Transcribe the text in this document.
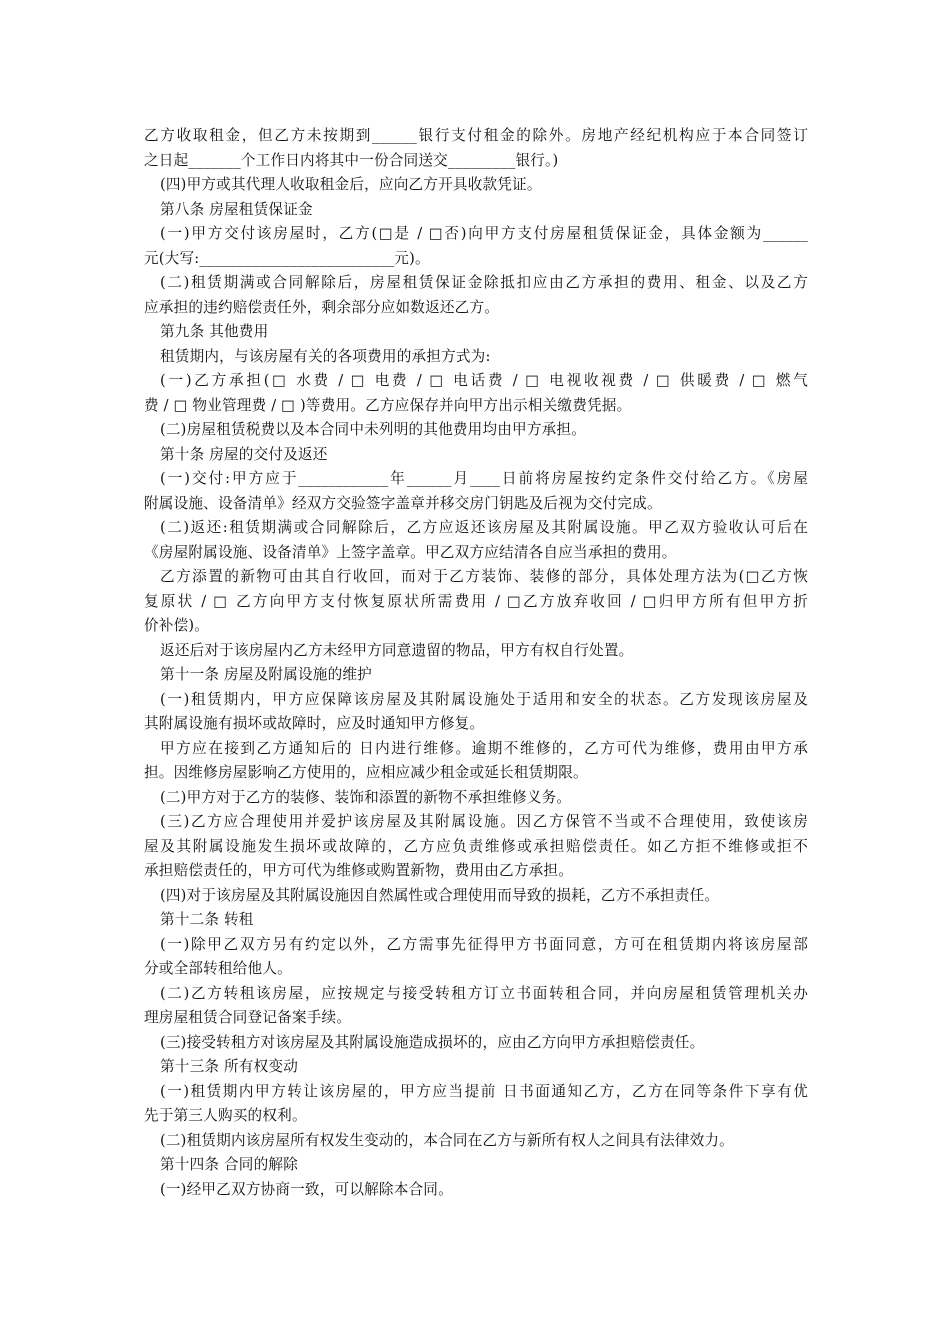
乙方收取租金，但乙方未按期到______银行支付租金的除外。房地产经纪机构应于本合同签订
之日起_______个工作日内将其中一份合同送交_________银行。)
(四)甲方或其代理人收取租金后，应向乙方开具收款凭证。
第八条 房屋租赁保证金
(一)甲方交付该房屋时，乙方(□是 / □否)向甲方支付房屋租赁保证金，具体金额为______
元(大写:__________________________元)。
(二)租赁期满或合同解除后，房屋租赁保证金除抵扣应由乙方承担的费用、租金、以及乙方
应承担的违约赔偿责任外，剩余部分应如数返还乙方。
第九条 其他费用
租赁期内，与该房屋有关的各项费用的承担方式为:
(一)乙方承担(□ 水费 / □ 电费 / □ 电话费 / □ 电视收视费 / □ 供暖费 / □ 燃气
费 / □ 物业管理费 / □ )等费用。乙方应保存并向甲方出示相关缴费凭据。
(二)房屋租赁税费以及本合同中未列明的其他费用均由甲方承担。
第十条 房屋的交付及返还
(一)交付:甲方应于____________年______月____日前将房屋按约定条件交付给乙方。《房屋
附属设施、设备清单》经双方交验签字盖章并移交房门钥匙及后视为交付完成。
(二)返还:租赁期满或合同解除后，乙方应返还该房屋及其附属设施。甲乙双方验收认可后在
《房屋附属设施、设备清单》上签字盖章。甲乙双方应结清各自应当承担的费用。
乙方添置的新物可由其自行收回，而对于乙方装饰、装修的部分，具体处理方法为(□乙方恢
复原状 / □ 乙方向甲方支付恢复原状所需费用 / □乙方放弃收回 / □归甲方所有但甲方折
价补偿)。
返还后对于该房屋内乙方未经甲方同意遗留的物品，甲方有权自行处置。
第十一条 房屋及附属设施的维护
(一)租赁期内，甲方应保障该房屋及其附属设施处于适用和安全的状态。乙方发现该房屋及
其附属设施有损坏或故障时，应及时通知甲方修复。
甲方应在接到乙方通知后的 日内进行维修。逾期不维修的，乙方可代为维修，费用由甲方承
担。因维修房屋影响乙方使用的，应相应减少租金或延长租赁期限。
(二)甲方对于乙方的装修、装饰和添置的新物不承担维修义务。
(三)乙方应合理使用并爱护该房屋及其附属设施。因乙方保管不当或不合理使用，致使该房
屋及其附属设施发生损坏或故障的，乙方应负责维修或承担赔偿责任。如乙方拒不维修或拒不
承担赔偿责任的，甲方可代为维修或购置新物，费用由乙方承担。
(四)对于该房屋及其附属设施因自然属性或合理使用而导致的损耗，乙方不承担责任。
第十二条 转租
(一)除甲乙双方另有约定以外，乙方需事先征得甲方书面同意，方可在租赁期内将该房屋部
分或全部转租给他人。
(二)乙方转租该房屋，应按规定与接受转租方订立书面转租合同，并向房屋租赁管理机关办
理房屋租赁合同登记备案手续。
(三)接受转租方对该房屋及其附属设施造成损坏的，应由乙方向甲方承担赔偿责任。
第十三条 所有权变动
(一)租赁期内甲方转让该房屋的，甲方应当提前 日书面通知乙方，乙方在同等条件下享有优
先于第三人购买的权利。
(二)租赁期内该房屋所有权发生变动的，本合同在乙方与新所有权人之间具有法律效力。
第十四条 合同的解除
(一)经甲乙双方协商一致，可以解除本合同。
